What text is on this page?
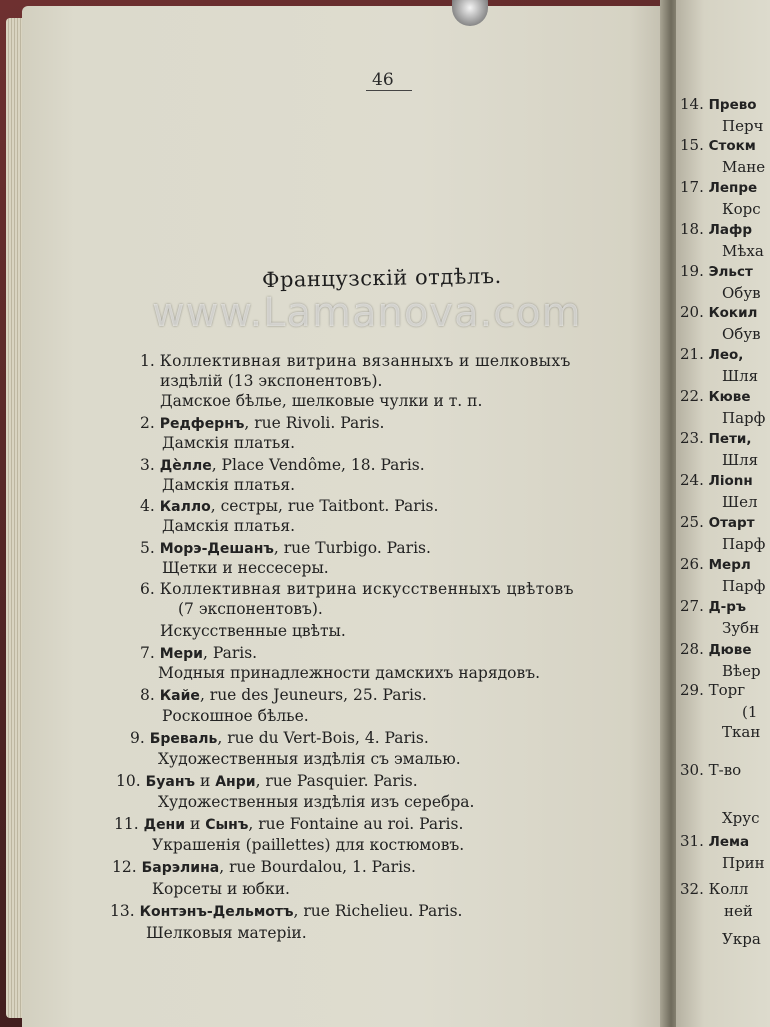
46
Французскій отдѣлъ.
1. Коллективная витрина вязанныхъ и шелковыхъ
издѣлій (13 экспонентовъ).
Дамское бѣлье, шелковые чулки и т. п.
2. Редфернъ, rue Rivoli. Paris.
Дамскія платья.
3. Дѐлле, Place Vendôme, 18. Paris.
Дамскія платья.
4. Калло, сестры, rue Taitbont. Paris.
Дамскія платья.
5. Морэ-Дешанъ, rue Turbigo. Paris.
Щетки и нессесеры.
6. Коллективная витрина искусственныхъ цвѣтовъ
(7 экспонентовъ).
Искусственные цвѣты.
7. Мери, Paris.
Модныя принадлежности дамскихъ нарядовъ.
8. Кайе, rue des Jeuneurs, 25. Paris.
Роскошное бѣлье.
9. Бреваль, rue du Vert-Bois, 4. Paris.
Художественныя издѣлія съ эмалью.
10. Буанъ и Анри, rue Pasquier. Paris.
Художественныя издѣлія изъ серебра.
11. Дени и Сынъ, rue Fontaine au roi. Paris.
Украшенія (paillettes) для костюмовъ.
12. Барэлина, rue Bourdalou, 1. Paris.
Корсеты и юбки.
13. Контэнъ-Дельмотъ, rue Richelieu. Paris.
Шелковыя матеріи.
www.Lamanova.com
14. Прево
Перч
15. Стокм
Мане
17. Лепре
Корс
18. Лафр
Мѣха
19. Эльст
Обув
20. Кокил
Обув
21. Лео,
Шля
22. Кюве
Парф
23. Пети,
Шля
24. Лionн
Шел
25. Отарт
Парф
26. Мерл
Парф
27. Д-ръ
Зубн
28. Дюве
Вѣер
29. Торг
(1
Ткан
30. Т-во
Хрус
31. Лема
Прин
32. Колл
ней
Укра
